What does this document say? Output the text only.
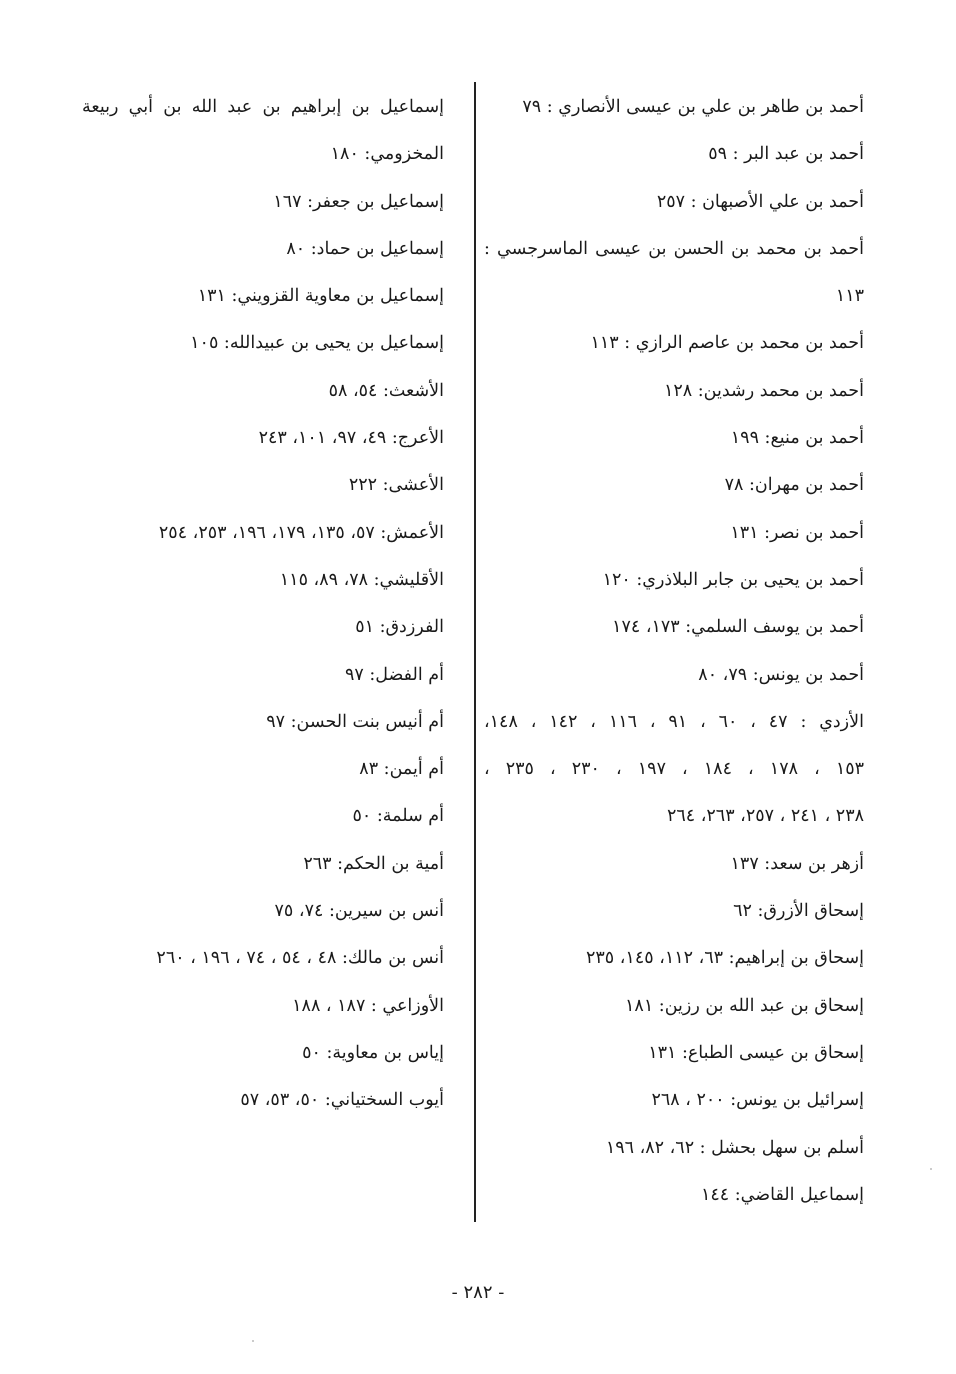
أحمد بن طاهر بن علي بن عيسى الأنصاري : ٧٩
أحمد بن عبد البر : ٥٩
أحمد بن علي الأصبهان : ٢٥٧
أحمد بن محمد بن الحسن بن عيسى الماسرجسي :
١١٣
أحمد بن محمد بن عاصم الرازي : ١١٣
أحمد بن محمد رشدين: ١٢٨
أحمد بن منيع: ١٩٩
أحمد بن مهران: ٧٨
أحمد بن نصر: ١٣١
أحمد بن يحيى بن جابر البلاذري: ١٢٠
أحمد بن يوسف السلمي: ١٧٣، ١٧٤
أحمد بن يونس: ٧٩، ٨٠
الأزدي : ٤٧ ، ٦٠ ، ٩١ ، ١١٦ ، ١٤٢ ، ١٤٨،
١٥٣ ، ١٧٨ ، ١٨٤ ، ١٩٧ ، ٢٣٠ ، ٢٣٥ ،
٢٣٨ ، ٢٤١ ، ٢٥٧، ٢٦٣، ٢٦٤
أزهر بن سعد: ١٣٧
إسحاق الأزرق: ٦٢
إسحاق بن إبراهيم: ٦٣، ١١٢، ١٤٥، ٢٣٥
إسحاق بن عبد الله بن رزين: ١٨١
إسحاق بن عيسى الطباع: ١٣١
إسرائيل بن يونس: ٢٠٠ ، ٢٦٨
أسلم بن سهل بحشل : ٦٢، ٨٢، ١٩٦
إسماعيل القاضي: ١٤٤
إسماعيل بن إبراهيم بن عبد الله بن أبي ربيعة
المخزومي: ١٨٠
إسماعيل بن جعفر: ١٦٧
إسماعيل بن حماد: ٨٠
إسماعيل بن معاوية القزويني: ١٣١
إسماعيل بن يحيى بن عبيدالله: ١٠٥
الأشعث: ٥٤، ٥٨
الأعرج: ٤٩، ٩٧، ١٠١، ٢٤٣
الأعشى: ٢٢٢
الأعمش: ٥٧، ١٣٥، ١٧٩، ١٩٦، ٢٥٣، ٢٥٤
الأقليشي: ٧٨، ٨٩، ١١٥
الفرزدق: ٥١
أم الفضل: ٩٧
أم أنيس بنت الحسن: ٩٧
أم أيمن: ٨٣
أم سلمة: ٥٠
أمية بن الحكم: ٢٦٣
أنس بن سيرين: ٧٤، ٧٥
أنس بن مالك: ٤٨ ، ٥٤ ، ٧٤ ، ١٩٦ ، ٢٦٠
الأوزاعي : ١٨٧ ، ١٨٨
إياس بن معاوية: ٥٠
أيوب السختياني: ٥٠، ٥٣، ٥٧
- ٢٨٢ -
